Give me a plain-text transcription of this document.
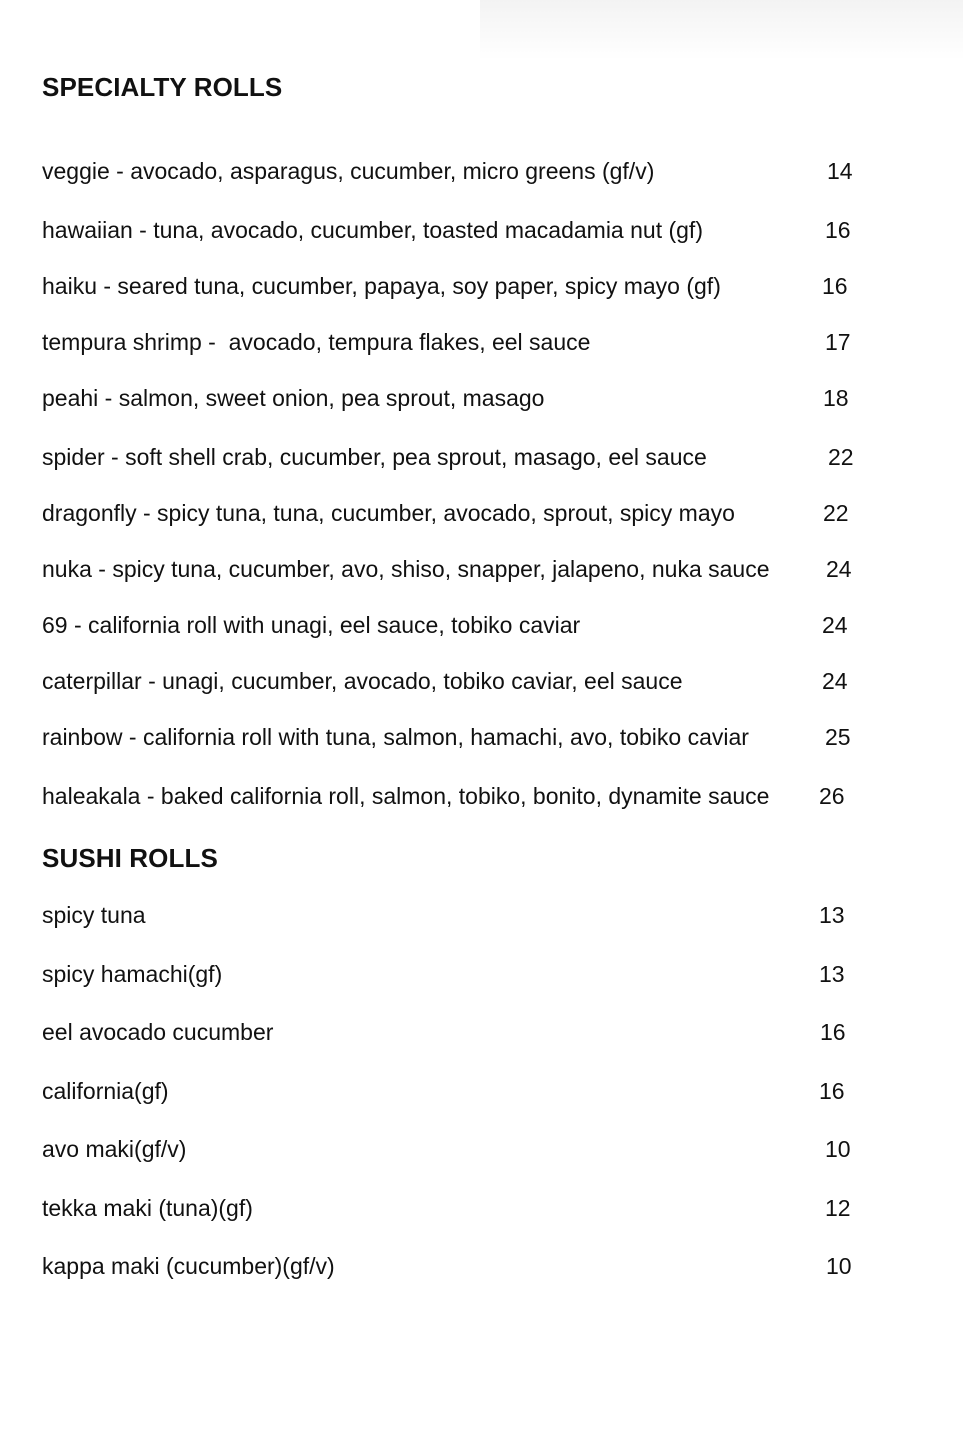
SPECIALTY ROLLS
veggie - avocado, asparagus, cucumber, micro greens (gf/v)	14
hawaiian - tuna, avocado, cucumber, toasted macadamia nut (gf)	16
haiku - seared tuna, cucumber, papaya, soy paper, spicy mayo (gf)	16
tempura shrimp -  avocado, tempura flakes, eel sauce	17
peahi - salmon, sweet onion, pea sprout, masago	18
spider - soft shell crab, cucumber, pea sprout, masago, eel sauce	22
dragonfly - spicy tuna, tuna, cucumber, avocado, sprout, spicy mayo	22
nuka - spicy tuna, cucumber, avo, shiso, snapper, jalapeno, nuka sauce 24
69 - california roll with unagi, eel sauce, tobiko caviar	24
caterpillar - unagi, cucumber, avocado, tobiko caviar, eel sauce	24
rainbow - california roll with tuna, salmon, hamachi, avo, tobiko caviar	25
haleakala - baked california roll, salmon, tobiko, bonito, dynamite sauce 26
SUSHI ROLLS
spicy tuna	13
spicy hamachi(gf)	13
eel avocado cucumber	16
california(gf)	16
avo maki(gf/v)	10
tekka maki (tuna)(gf)	12
kappa maki (cucumber)(gf/v)	10
